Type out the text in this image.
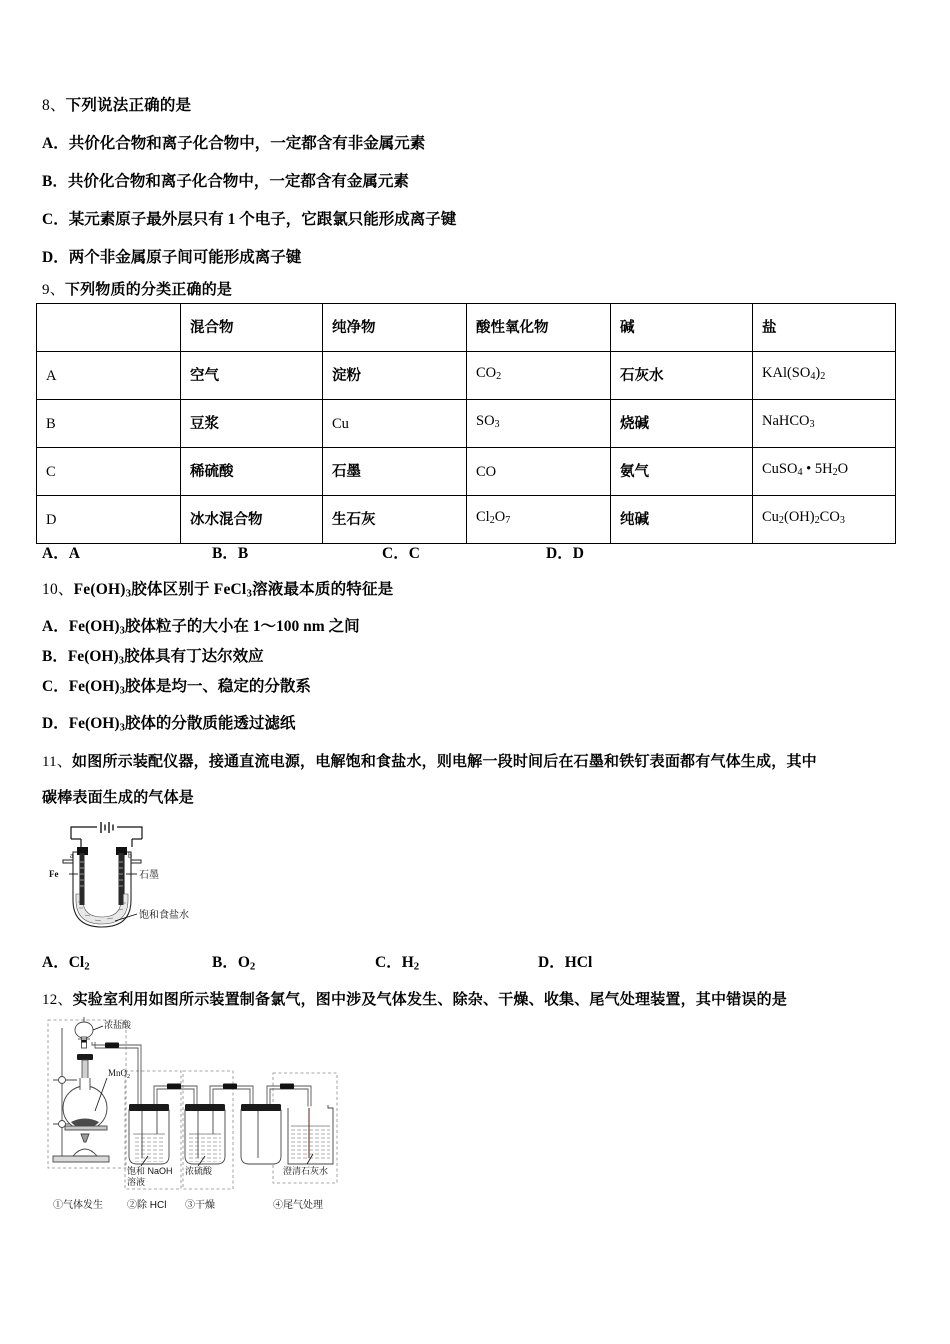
8、下列说法正确的是
A．共价化合物和离子化合物中，一定都含有非金属元素
B．共价化合物和离子化合物中，一定都含有金属元素
C．某元素原子最外层只有 1 个电子，它跟氯只能形成离子键
D．两个非金属原子间可能形成离子键
9、下列物质的分类正确的是
	混合物	纯净物	酸性氧化物	碱	盐
A	空气	淀粉	$CO_2$	石灰水	$KAl(SO_4)_2$
B	豆浆	Cu	$SO_3$	烧碱	NaHCO$_3$
C	稀硫酸	石墨	CO	氨气	CuSO$_4$ • $5H_2O$
D	冰水混合物	生石灰	$Cl_2O_7$	纯碱	$Cu_2(OH)_2CO_3$
A．A	B．B	C．C	D．D
10、$Fe(OH)_3$胶体区别于 FeCl$_3$溶液最本质的特征是
A．$Fe(OH)_3$胶体粒子的大小在 1～100 nm 之间
B．$Fe(OH)_3$胶体具有丁达尔效应
C．$Fe(OH)_3$胶体是均一、稳定的分散系
D．$Fe(OH)_3$胶体的分散质能透过滤纸
11、如图所示装配仪器，接通直流电源，电解饱和食盐水，则电解一段时间后在石墨和铁钉表面都有气体生成，其中
碳棒表面生成的气体是
a	b
Fe	石墨
饱和食盐水
A．$Cl_2$	B．$O_2$	C．$H_2$	D．HCl
12、实验室利用如图所示装置制备氯气，图中涉及气体发生、除杂、干燥、收集、尾气处理装置，其中错误的是
浓盐酸
MnO$_2$
饱和 NaOH
溶液
浓硫酸	澄清石灰水
①气体发生 ②除 HCl ③干燥	④尾气处理
